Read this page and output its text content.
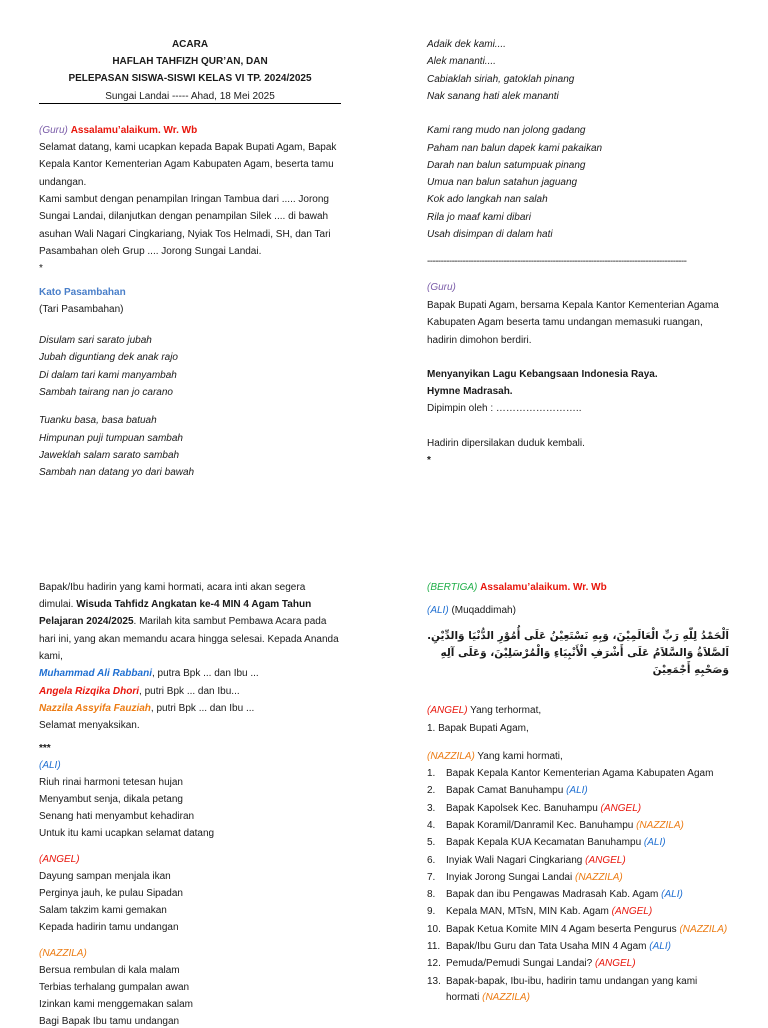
ACARA
HAFLAH TAHFIZH QUR’AN, DAN
PELEPASAN SISWA-SISWI KELAS VI TP. 2024/2025
Sungai Landai ----- Ahad, 18 Mei 2025
(Guru) Assalamu’alaikum. Wr. Wb
Selamat datang, kami ucapkan kepada Bapak Bupati Agam, Bapak
Kepala Kantor Kementerian Agam Kabupaten Agam, beserta tamu
undangan.
Kami sambut dengan penampilan Iringan Tambua dari ..... Jorong
Sungai Landai, dilanjutkan dengan penampilan Silek .... di bawah
asuhan Wali Nagari Cingkariang, Nyiak Tos Helmadi, SH, dan Tari
Pasambahan oleh Grup .... Jorong Sungai Landai.
*
Kato Pasambahan
(Tari Pasambahan)
Disulam sari sarato jubah
Jubah diguntiang dek anak rajo
Di dalam tari kami manyambah
Sambah tairang nan jo carano
Tuanku basa, basa batuah
Himpunan puji tumpuan sambah
Jaweklah salam sarato sambah
Sambah nan datang yo dari bawah
Adaik dek kami....
Alek mananti....
Cabiaklah siriah, gatoklah pinang
Nak sanang hati alek mananti
Kami rang mudo nan jolong gadang
Paham nan balun dapek kami pakaikan
Darah nan balun satumpuak pinang
Umua nan balun satahun jaguang
Kok ado langkah nan salah
Rila jo maaf kami dibari
Usah disimpan di dalam hati
-----------------------------------------------------------------------------------------------
(Guru)
Bapak Bupati Agam, bersama Kepala Kantor Kementerian Agama
Kabupaten Agam beserta tamu undangan memasuki ruangan,
hadirin dimohon berdiri.
Menyanyikan Lagu Kebangsaan Indonesia Raya.
Hymne Madrasah.
Dipimpin oleh : ……………………..
Hadirin dipersilakan duduk kembali.
*
Bapak/Ibu hadirin yang kami hormati, acara inti akan segera
dimulai. Wisuda Tahfidz Angkatan ke-4 MIN 4 Agam Tahun
Pelajaran 2024/2025. Marilah kita sambut Pembawa Acara pada
hari ini, yang akan memandu acara hingga selesai. Kepada Ananda
kami,
Muhammad Ali Rabbani, putra Bpk ... dan Ibu ...
Angela Rizqika Dhori, putri Bpk ... dan Ibu...
Nazzila Assyifa Fauziah, putri Bpk ... dan Ibu ...
Selamat menyaksikan.
***
(ALI)
Riuh rinai harmoni tetesan hujan
Menyambut senja, dikala petang
Senang hati menyambut kehadiran
Untuk itu kami ucapkan selamat datang
(ANGEL)
Dayung sampan menjala ikan
Perginya jauh, ke pulau Sipadan
Salam takzim kami gemakan
Kepada hadirin tamu undangan
(NAZZILA)
Bersua rembulan di kala malam
Terbias terhalang gumpalan awan
Izinkan kami menggemakan salam
Bagi Bapak Ibu tamu undangan
(BERTIGA) Assalamu’alaikum. Wr. Wb
(ALI) (Muqaddimah)
اَلْحَمْدُ لِلّٰهِ رَبِّ الْعَالَمِيْنَ، وَبِهِ نَسْتَعِيْنُ عَلَى أُمُوْرِ الدُّنْيَا وَالدِّيْنِ.
اَلصَّلاَةُ وَالسَّلاَمُ عَلَى أَشْرَفِ الْأَنْبِيَاءِ وَالْمُرْسَلِيْنَ، وَعَلَى آلِهِ
وَصَحْبِهِ أَجْمَعِيْنَ
(ANGEL) Yang terhormat,
1. Bapak Bupati Agam,
(NAZZILA) Yang kami hormati,
1. Bapak Kepala Kantor Kementerian Agama Kabupaten Agam
2. Bapak Camat Banuhampu (ALI)
3. Bapak Kapolsek Kec. Banuhampu (ANGEL)
4. Bapak Koramil/Danramil Kec. Banuhampu (NAZZILA)
5. Bapak Kepala KUA Kecamatan Banuhampu (ALI)
6. Inyiak Wali Nagari Cingkariang (ANGEL)
7. Inyiak Jorong Sungai Landai (NAZZILA)
8. Bapak dan ibu Pengawas Madrasah Kab. Agam (ALI)
9. Kepala MAN, MTsN, MIN Kab. Agam (ANGEL)
10. Bapak Ketua Komite MIN 4 Agam beserta Pengurus (NAZZILA)
11. Bapak/Ibu Guru dan Tata Usaha MIN 4 Agam (ALI)
12. Pemuda/Pemudi Sungai Landai? (ANGEL)
13. Bapak-bapak, Ibu-ibu, hadirin tamu undangan yang kami
hormati (NAZZILA)
